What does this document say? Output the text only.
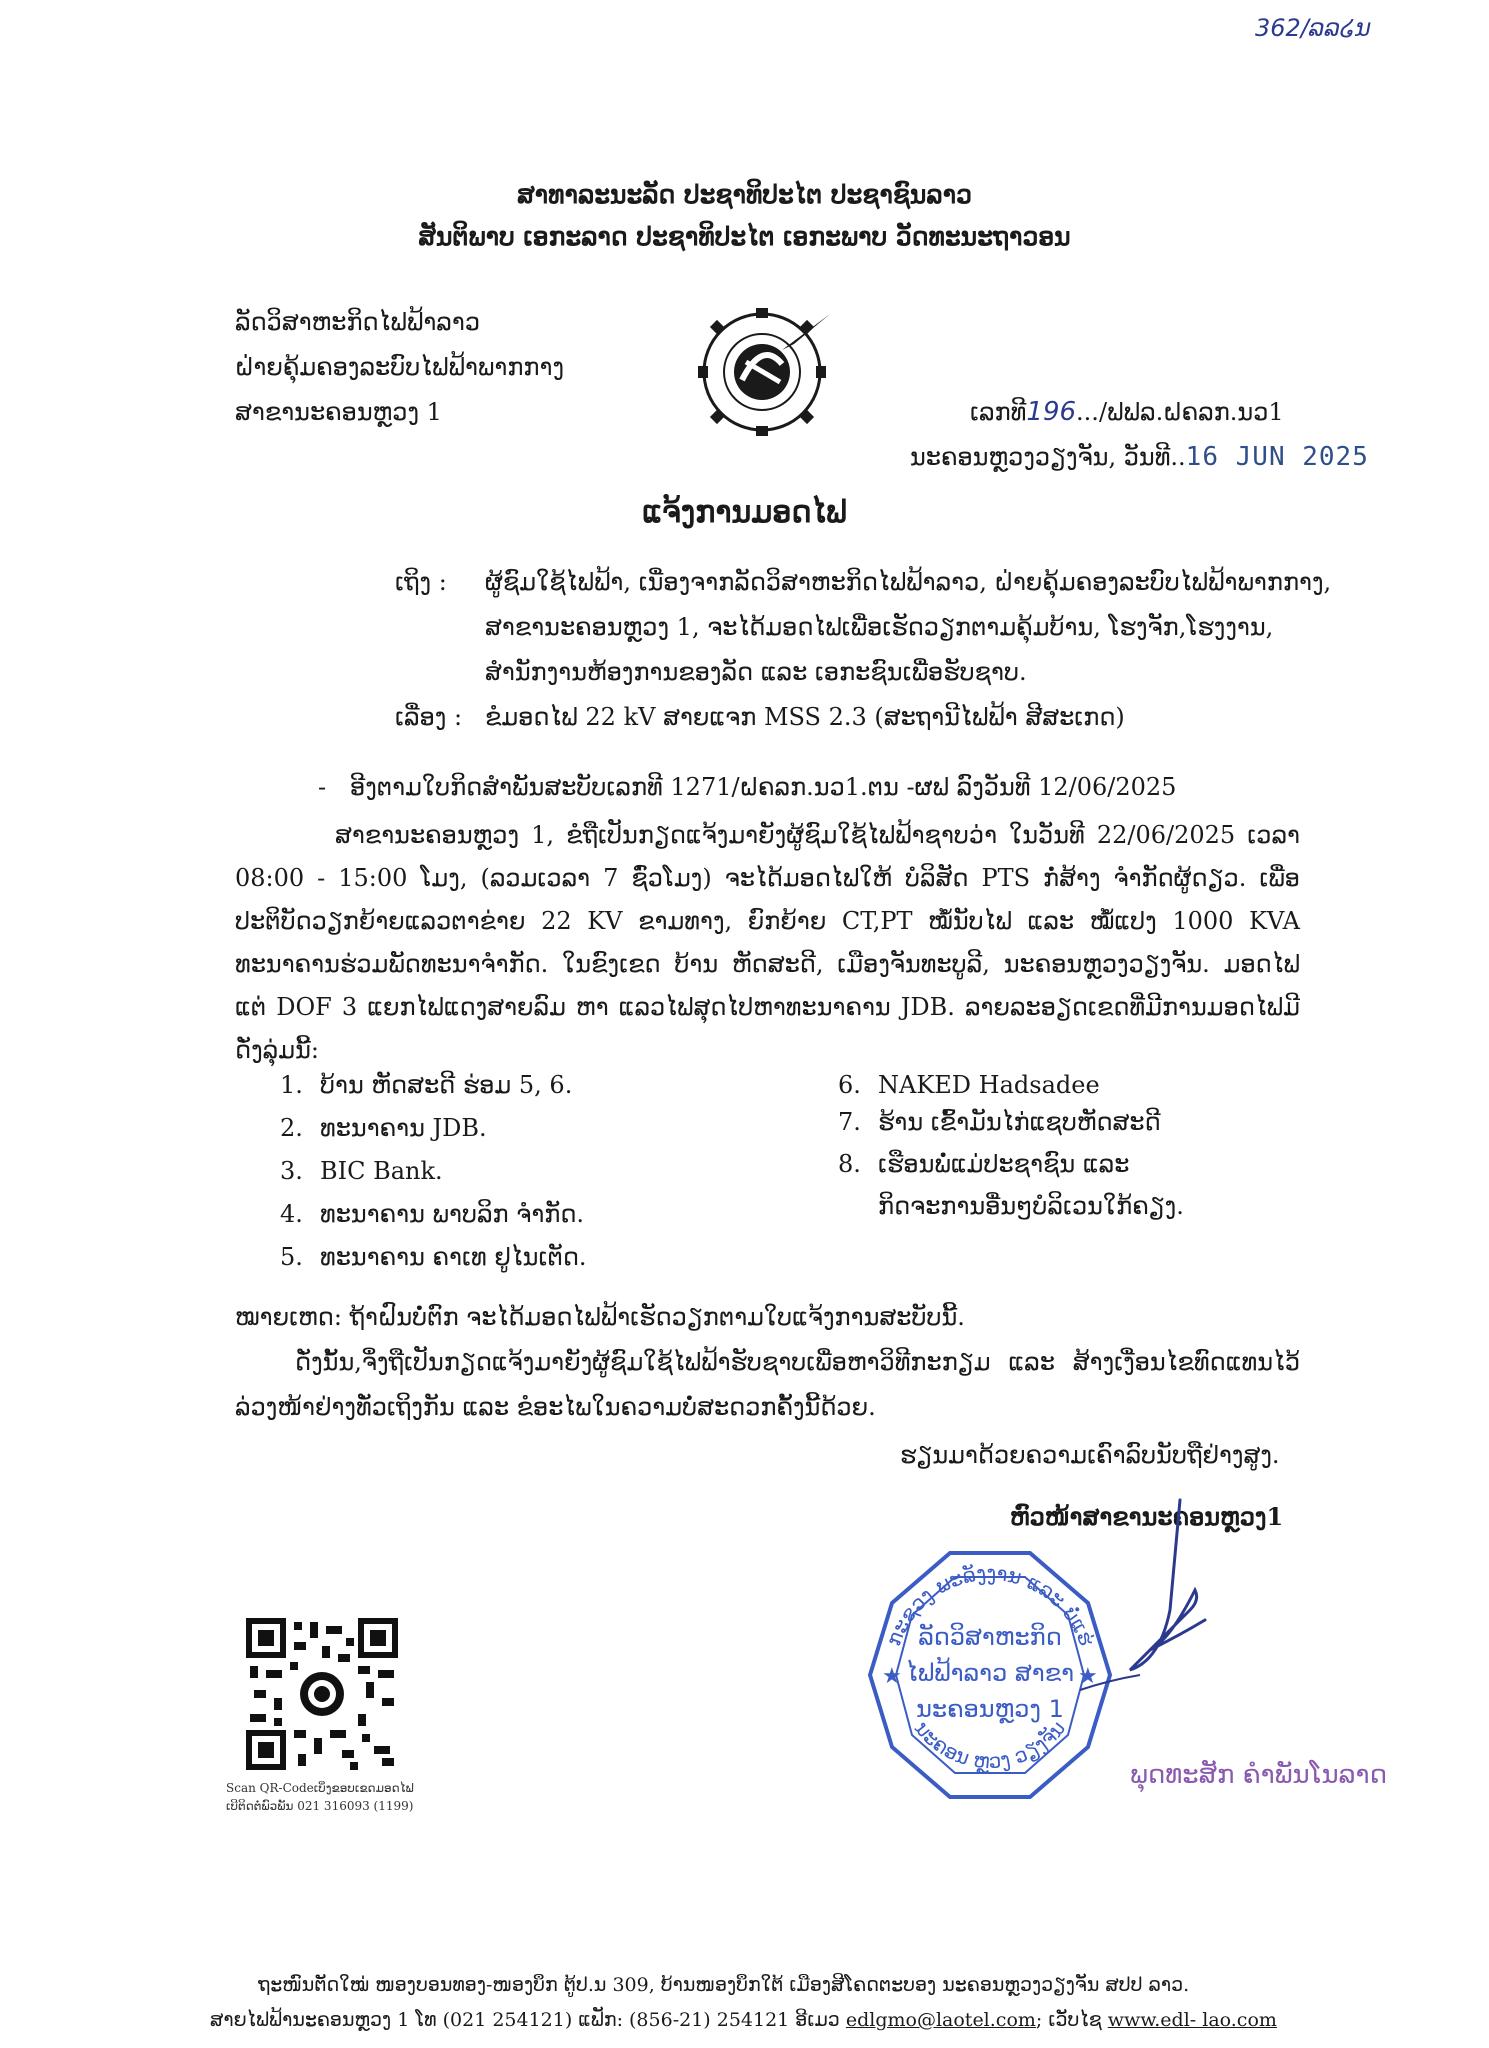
362/ລລ໒ນ
ສາທາລະນະລັດ ປະຊາທິປະໄຕ ປະຊາຊົນລາວ
ສັນຕິພາບ ເອກະລາດ ປະຊາທິປະໄຕ ເອກະພາບ ວັດທະນະຖາວອນ
ລັດວິສາຫະກິດໄຟຟ້າລາວ
ຝ່າຍຄຸ້ມຄອງລະບົບໄຟຟ້າພາກກາງ
ສາຂານະຄອນຫຼວງ 1	ເລກທີ196.../ຟຟລ.ຝຄລກ.ນວ1
ນະຄອນຫຼວງວຽງຈັນ, ວັນທີ..16 JUN 2025
ແຈ້ງການມອດໄຟ
ເຖິງ : ຜູ້ຊົມໃຊ້ໄຟຟ້າ, ເນື່ອງຈາກລັດວິສາຫະກິດໄຟຟ້າລາວ, ຝ່າຍຄຸ້ມຄອງລະບົບໄຟຟ້າພາກກາງ,
ສາຂານະຄອນຫຼວງ 1, ຈະໄດ້ມອດໄຟເພື່ອເຮັດວຽກຕາມຄຸ້ມບ້ານ, ໂຮງຈັກ,ໂຮງງານ,
ສຳນັກງານຫ້ອງການຂອງລັດ ແລະ ເອກະຊົນເພື່ອຮັບຊາບ.
ເລື່ອງ : ຂໍມອດໄຟ 22 kV ສາຍແຈກ MSS 2.3 (ສະຖານີໄຟຟ້າ ສີສະເກດ)
- ອີງຕາມໃບກິດສຳພັນສະບັບເລກທີ 1271/ຝຄລກ.ນວ1.ຕນ -ຜຟ ລົງວັນທີ 12/06/2025
ສາຂານະຄອນຫຼວງ 1, ຂໍຖືເປັນກຽດແຈ້ງມາຍັງຜູ້ຊົມໃຊ້ໄຟຟ້າຊາບວ່າ ໃນວັນທີ 22/06/2025 ເວລາ
08:00 - 15:00 ໂມງ, (ລວມເວລາ 7 ຊົ່ວໂມງ) ຈະໄດ້ມອດໄຟໃຫ້ ບໍລິສັດ PTS ກໍ່ສ້າງ ຈຳກັດຜູ້ດຽວ. ເພື່ອ
ປະຕິບັດວຽກຍ້າຍແລວຕາຂ່າຍ 22 KV ຂາມທາງ, ຍົກຍ້າຍ CT,PT ໝໍ້ນັບໄຟ ແລະ ໝໍ້ແປງ 1000 KVA
ທະນາຄານຮ່ວມພັດທະນາຈຳກັດ. ໃນຂົງເຂດ ບ້ານ ຫັດສະດີ, ເມືອງຈັນທະບູລີ, ນະຄອນຫຼວງວຽງຈັນ. ມອດໄຟ
ແຕ່ DOF 3 ແຍກໄຟແດງສາຍລົມ ຫາ ແລວໄຟສຸດໄປຫາທະນາຄານ JDB. ລາຍລະອຽດເຂດທີ່ມີການມອດໄຟມີ
ດັ່ງລຸ່ມນີ້:
1. ບ້ານ ຫັດສະດີ ຮ່ອມ 5, 6.
2. ທະນາຄານ JDB.
3. BIC Bank.
4. ທະນາຄານ ພາບລິກ ຈຳກັດ.
5. ທະນາຄານ ຄາເທ ຢູໄນເຕັດ.
6. NAKED Hadsadee
7. ຮ້ານ ເຂົ້າມັນໄກ່ແຊບຫັດສະດີ
8. ເຮືອນພໍ່ແມ່ປະຊາຊົນ ແລະ
ກິດຈະການອື່ນໆບໍລິເວນໃກ້ຄຽງ.
ໝາຍເຫດ: ຖ້າຝົນບໍ່ຕົກ ຈະໄດ້ມອດໄຟຟ້າເຮັດວຽກຕາມໃບແຈ້ງການສະບັບນີ້.
ດັ່ງນັ້ນ,ຈຶ່ງຖືເປັນກຽດແຈ້ງມາຍັງຜູ້ຊົມໃຊ້ໄຟຟ້າຮັບຊາບເພື່ອຫາວິທີກະກຽມ ແລະ ສ້າງເງື່ອນໄຂທົດແທນໄວ້
ລ່ວງໜ້າຢ່າງທັ່ວເຖິງກັນ ແລະ ຂໍອະໄພໃນຄວາມບໍ່ສະດວກຄັ້ງນີ້ດ້ວຍ.
ຮຽນມາດ້ວຍຄວາມເຄົາລົບນັບຖືຢ່າງສູງ.
ຫົວໜ້າສາຂານະຄອນຫຼວງ1
ກະຊວງ ພະລັງງານ ແລະ ບໍ່ແຮ່
ນະຄອນ ຫຼວງ ວຽງຈັນ
ລັດວິສາຫະກິດ
ໄຟຟ້າລາວ ສາຂາ
ນະຄອນຫຼວງ 1
★	★
ພຸດທະສັກ ຄຳພັນໂນລາດ
Scan QR-Codeເບິ່ງຂອບເຂດມອດໄຟ
ເບີຕິດຕໍ່ພົວພັນ 021 316093 (1199)
ຖະໜົນຕັດໃໝ່ ໜອງບອນທອງ-ໜອງບຶກ ຕູ້ປ.ນ 309, ບ້ານໜອງບຶກໃຕ້ ເມືອງສີໂຄດຕະບອງ ນະຄອນຫຼວງວຽງຈັນ ສປປ ລາວ.
ສາຍໄຟຟ້ານະຄອນຫຼວງ 1 ໂທ (021 254121) ແຟັກ: (856-21) 254121 ອີເມວ edlgmo@laotel.com; ເວັບໄຊ www.edl- lao.com
